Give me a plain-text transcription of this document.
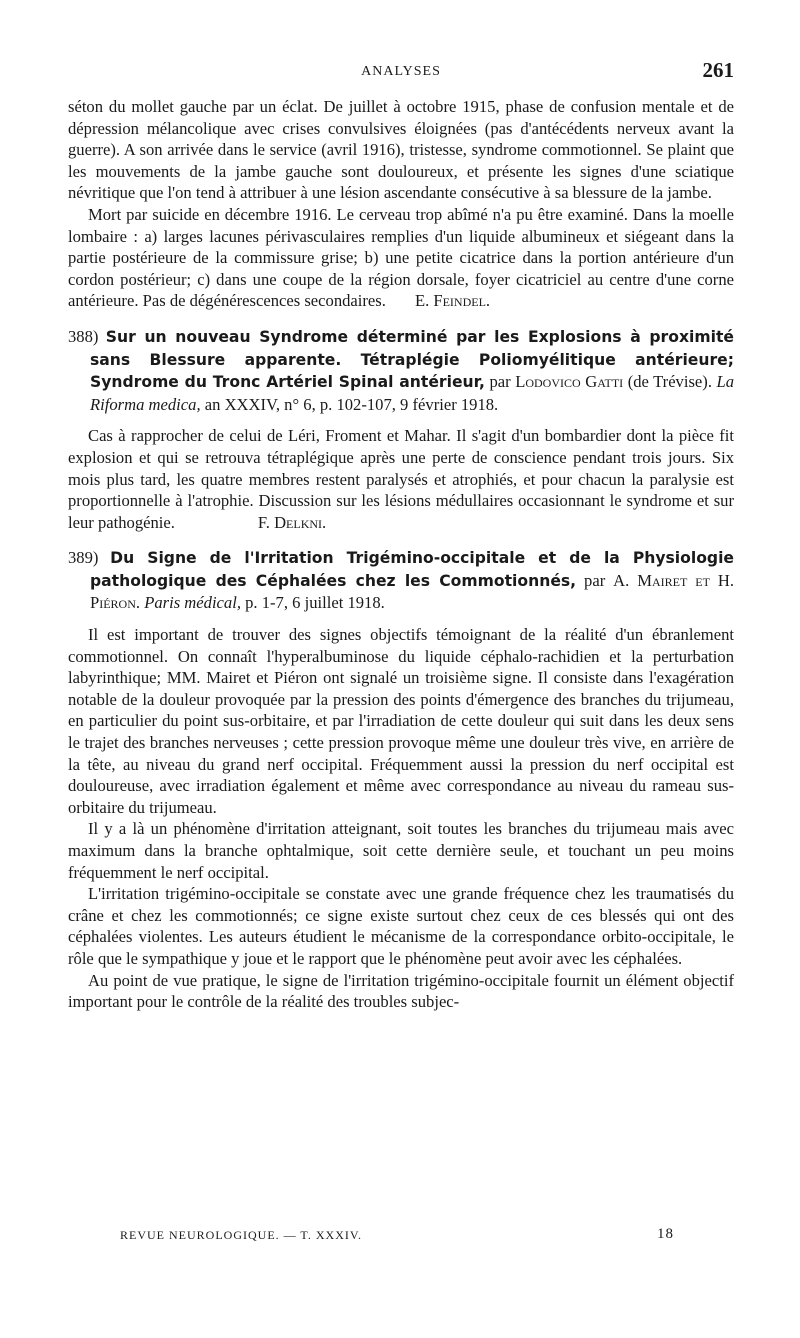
ANALYSES	261

séton du mollet gauche par un éclat. De juillet à octobre 1915, phase de confusion mentale et de dépression mélancolique avec crises convulsives éloignées (pas d'antécédents nerveux avant la guerre). A son arrivée dans le service (avril 1916), tristesse, syndrome commotionnel. Se plaint que les mouvements de la jambe gauche sont douloureux, et présente les signes d'une sciatique névritique que l'on tend à attribuer à une lésion ascendante consécutive à sa blessure de la jambe.

Mort par suicide en décembre 1916. Le cerveau trop abîmé n'a pu être examiné. Dans la moelle lombaire : a) larges lacunes périvasculaires remplies d'un liquide albumineux et siégeant dans la partie postérieure de la commissure grise; b) une petite cicatrice dans la portion antérieure d'un cordon postérieur; c) dans une coupe de la région dorsale, foyer cicatriciel au centre d'une corne antérieure. Pas de dégénérescences secondaires. E. Feindel.

388) Sur un nouveau Syndrome déterminé par les Explosions à proximité sans Blessure apparente. Tétraplégie Poliomyélitique antérieure; Syndrome du Tronc Artériel Spinal antérieur, par Lodovico Gatti (de Trévise). La Riforma medica, an XXXIV, n° 6, p. 102-107, 9 février 1918.

Cas à rapprocher de celui de Léri, Froment et Mahar. Il s'agit d'un bombardier dont la pièce fit explosion et qui se retrouva tétraplégique après une perte de conscience pendant trois jours. Six mois plus tard, les quatre membres restent paralysés et atrophiés, et pour chacun la paralysie est proportionnelle à l'atrophie. Discussion sur les lésions médullaires occasionnant le syndrome et sur leur pathogénie.	F. Delkni.

389) Du Signe de l'Irritation Trigémino-occipitale et de la Physiologie pathologique des Céphalées chez les Commotionnés, par A. Mairet et H. Piéron. Paris médical, p. 1-7, 6 juillet 1918.

Il est important de trouver des signes objectifs témoignant de la réalité d'un ébranlement commotionnel. On connaît l'hyperalbuminose du liquide céphalo-rachidien et la perturbation labyrinthique; MM. Mairet et Piéron ont signalé un troisième signe. Il consiste dans l'exagération notable de la douleur provoquée par la pression des points d'émergence des branches du trijumeau, en particulier du point sus-orbitaire, et par l'irradiation de cette douleur qui suit dans les deux sens le trajet des branches nerveuses ; cette pression provoque même une douleur très vive, en arrière de la tête, au niveau du grand nerf occipital. Fréquemment aussi la pression du nerf occipital est douloureuse, avec irradiation également et même avec correspondance au niveau du rameau sus-orbitaire du trijumeau.

Il y a là un phénomène d'irritation atteignant, soit toutes les branches du trijumeau mais avec maximum dans la branche ophtalmique, soit cette dernière seule, et touchant un peu moins fréquemment le nerf occipital.

L'irritation trigémino-occipitale se constate avec une grande fréquence chez les traumatisés du crâne et chez les commotionnés; ce signe existe surtout chez ceux de ces blessés qui ont des céphalées violentes. Les auteurs étudient le mécanisme de la correspondance orbito-occipitale, le rôle que le sympathique y joue et le rapport que le phénomène peut avoir avec les céphalées.

Au point de vue pratique, le signe de l'irritation trigémino-occipitale fournit un élément objectif important pour le contrôle de la réalité des troubles subjec-

REVUE NEUROLOGIQUE. — T. XXXIV.	18
